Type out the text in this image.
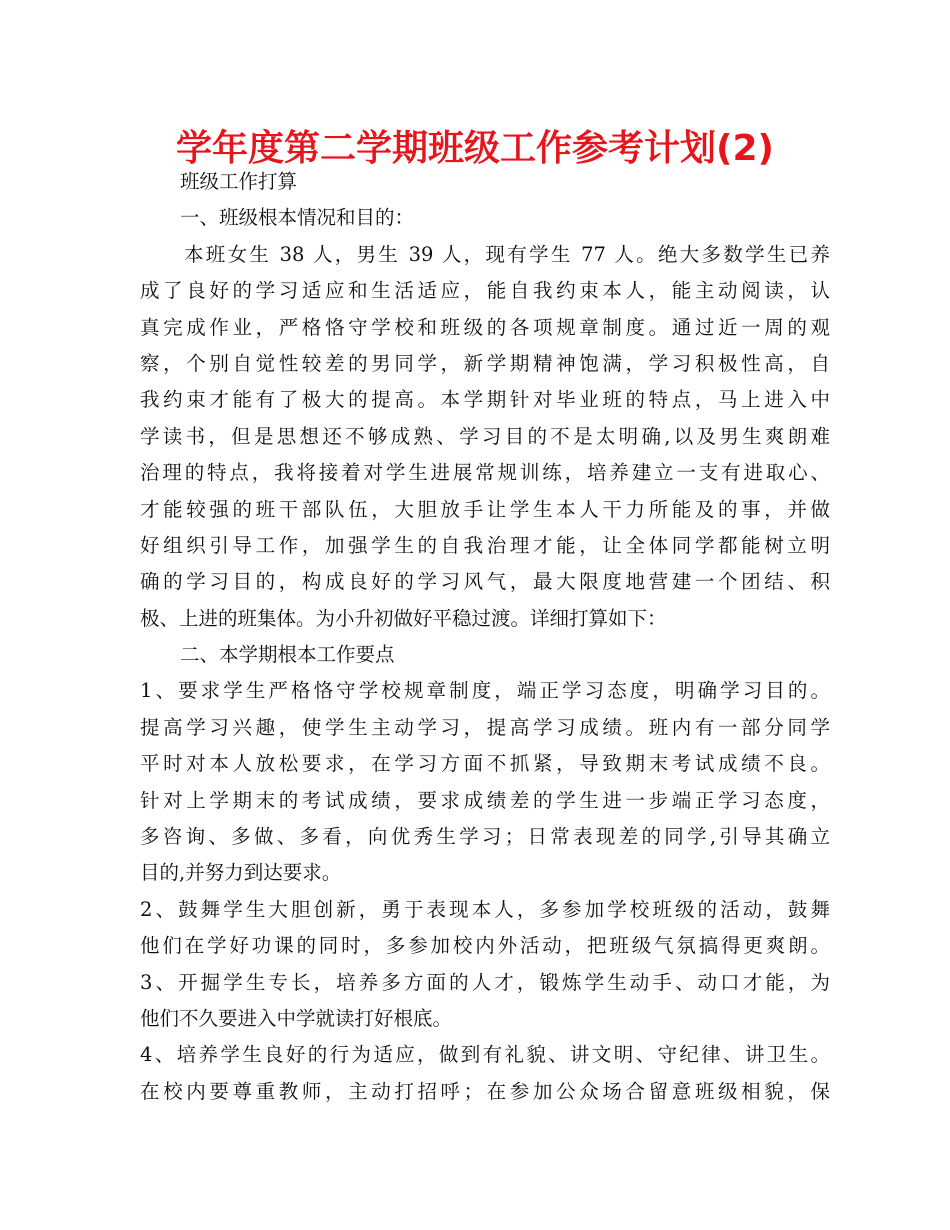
学年度第二学期班级工作参考计划(2)
班级工作打算
一、班级根本情况和目的：
本班女生 38 人，男生 39 人，现有学生 77 人。绝大多数学生已养
成了良好的学习适应和生活适应，能自我约束本人，能主动阅读，认
真完成作业，严格恪守学校和班级的各项规章制度。通过近一周的观
察，个别自觉性较差的男同学，新学期精神饱满，学习积极性高，自
我约束才能有了极大的提高。本学期针对毕业班的特点，马上进入中
学读书，但是思想还不够成熟、学习目的不是太明确,以及男生爽朗难
治理的特点，我将接着对学生进展常规训练，培养建立一支有进取心、
才能较强的班干部队伍，大胆放手让学生本人干力所能及的事，并做
好组织引导工作，加强学生的自我治理才能，让全体同学都能树立明
确的学习目的，构成良好的学习风气，最大限度地营建一个团结、积
极、上进的班集体。为小升初做好平稳过渡。详细打算如下：
二、本学期根本工作要点
1、要求学生严格恪守学校规章制度，端正学习态度，明确学习目的。
提高学习兴趣，使学生主动学习，提高学习成绩。班内有一部分同学
平时对本人放松要求，在学习方面不抓紧，导致期末考试成绩不良。
针对上学期末的考试成绩，要求成绩差的学生进一步端正学习态度，
多咨询、多做、多看，向优秀生学习；日常表现差的同学,引导其确立
目的,并努力到达要求。
2、鼓舞学生大胆创新，勇于表现本人，多参加学校班级的活动，鼓舞
他们在学好功课的同时，多参加校内外活动，把班级气氛搞得更爽朗。
3、开掘学生专长，培养多方面的人才，锻炼学生动手、动口才能，为
他们不久要进入中学就读打好根底。
4、培养学生良好的行为适应，做到有礼貌、讲文明、守纪律、讲卫生。
在校内要尊重教师，主动打招呼；在参加公众场合留意班级相貌，保
